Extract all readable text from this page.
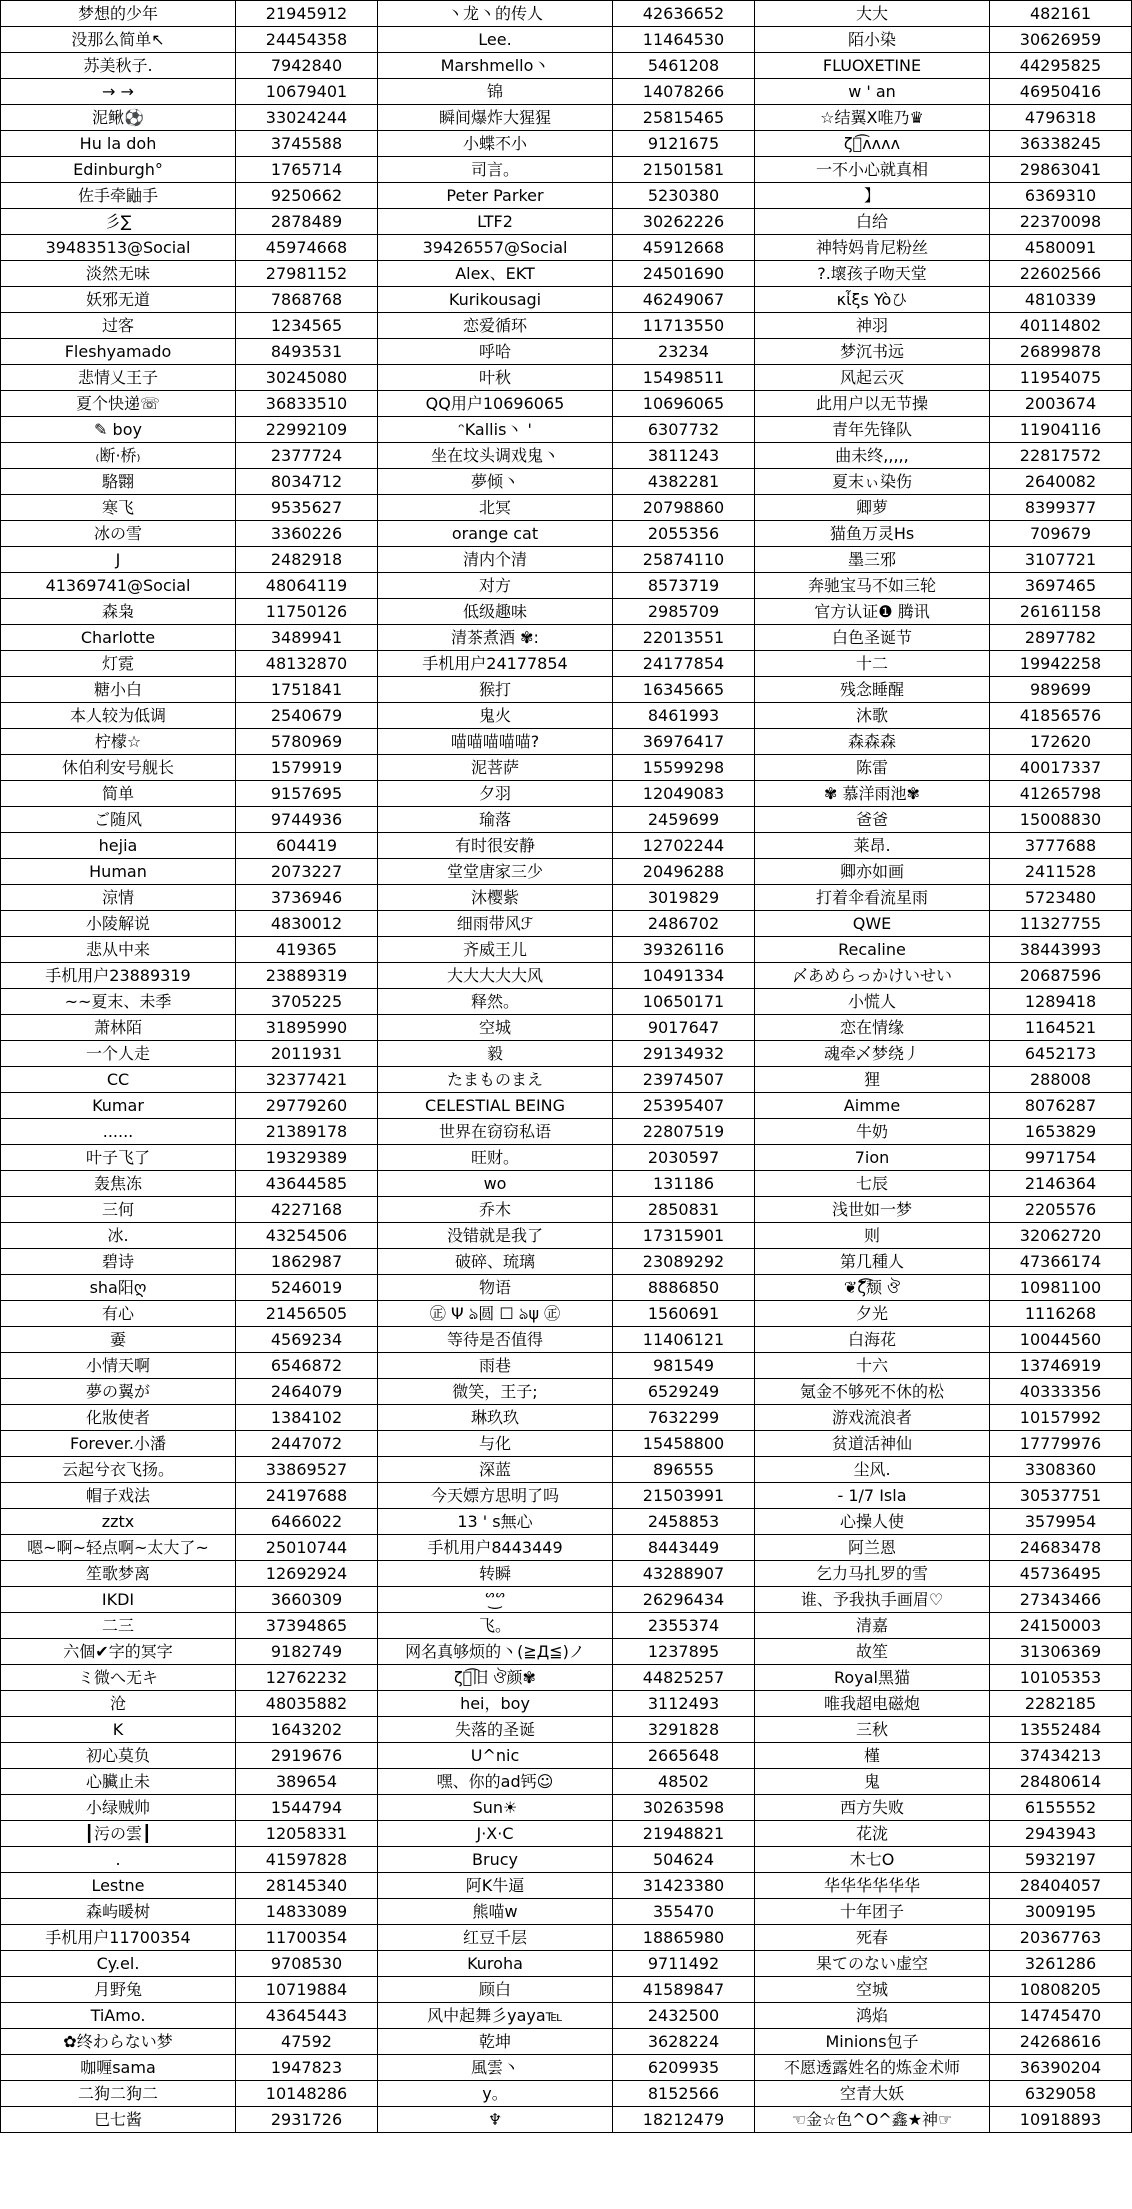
梦想的少年	21945912	丶龙丶的传人	42636652	大大	482161
没那么简单↖	24454358	Lee.	11464530	陌小染	30626959
苏美秋子.	7942840	Marshmello丶	5461208	FLUOXETINE	44295825
→ →	10679401	锦	14078266	w ' an	46950416
泥鳅⚽	33024244	瞬间爆炸大猩猩	25815465	☆结翼X唯乃♛	4796318
Hu la doh	3745588	小蝶不小	9121675	ζั͡ᴧᴧᴧᴧ	36338245
Edinburgh°	1765714	司言。	21501581	一不小心就真相	29863041
佐手牵鼬手	9250662	Peter Parker	5230380	】	6369310
彡∑	2878489	LTF2	30262226	白给	22370098
39483513@Social	45974668	39426557@Social	45912668	神特妈肯尼粉丝	4580091
淡然无味	27981152	Alex、EKT	24501690	?.壞孩子吻天堂	22602566
妖邪无道	7868768	Kurikousagi	46249067	κἶξs Yòひ	4810339
过客	1234565	恋爱循环	11713550	神羽	40114802
Fleshyamado	8493531	呼哈	23234	梦沉书远	26899878
悲情乂王子	30245080	叶秋	15498511	风起云灭	11954075
夏个快递☏	36833510	QQ用户10696065	10696065	此用户以无节操	2003674
✎ boy	22992109	ᵔKallis丶 '	6307732	青年先锋队	11904116
₍断·桥₎	2377724	坐在坟头调戏鬼丶	3811243	曲未终,,,,,	22817572
駱翾	8034712	夢倾丶	4382281	夏末ぃ染伤	2640082
寒飞	9535627	北冥	20798860	卿萝	8399377
冰の雪	3360226	orange cat	2055356	猫鱼万灵Hs	709679
J	2482918	清内个清	25874110	墨三邪	3107721
41369741@Social	48064119	对方	8573719	奔驰宝马不如三轮	3697465
森枭	11750126	低级趣味	2985709	官方认证❶ 腾讯	26161158
Charlotte	3489941	清茶煮酒 ✾:	22013551	白色圣诞节	2897782
灯霓	48132870	手机用户24177854	24177854	十二	19942258
糖小白	1751841	猴打	16345665	残念睡醒	989699
本人较为低调	2540679	鬼火	8461993	沐歌	41856576
柠檬☆	5780969	喵喵喵喵喵?	36976417	森森森	172620
休伯利安号舰长	1579919	泥菩萨	15599298	陈雷	40017337
简单	9157695	夕羽	12049083	✾ 慕洋雨池✾	41265798
ご随风	9744936	瑜落	2459699	爸爸	15008830
hejia	604419	有时很安静	12702244	莱昂.	3777688
Human	2073227	堂堂唐家三少	20496288	卿亦如画	2411528
涼情	3736946	沐樱紫	3019829	打着伞看流星雨	5723480
小陵解说	4830012	细雨带风ℱ	2486702	QWE	11327755
悲从中来	419365	齐威王儿	39326116	Recaline	38443993
手机用户23889319	23889319	大大大大大风	10491334	〆あめらっかけいせい	20687596
~~夏末、未季	3705225	释然。	10650171	小慌人	1289418
萧林陌	31895990	空城	9017647	恋在情缘	1164521
一个人走	2011931	毅	29134932	魂牵乄梦绕丿	6452173
CC	32377421	たまものまえ	23974507	狸	288008
Kumar	29779260	CELESTIAL BEING	25395407	Aimme	8076287
......	21389178	世界在窃窃私语	22807519	牛奶	1653829
叶子飞了	19329389	旺财。	2030597	7ion	9971754
轰焦冻	43644585	wo	131186	七辰	2146364
三何	4227168	乔木	2850831	浅世如一梦	2205576
冰.	43254506	没错就是我了	17315901	则	32062720
碧诗	1862987	破碎、琉璃	23089292	第几種人	47366174
sha阳ღ	5246019	物语	8886850	❦ζ͡ั颓 ঔ	10981100
有心	21456505	㊣ Ψ ঌ圆 ☐ ঌψ ㊣	1560691	夕光	1116268
嫑	4569234	等待是否值得	11406121	白海花	10044560
小情天啊	6546872	雨巷	981549	十六	13746919
夢の翼が	2464079	微笑，王子;	6529249	氪金不够死不休的松	40333356
化妝使者	1384102	琳玖玖	7632299	游戏流浪者	10157992
Forever.小潘	2447072	与化	15458800	贫道活神仙	17779976
云起兮衣飞扬。	33869527	深蓝	896555	尘风.	3308360
帽子戏法	24197688	今天嫖方思明了吗	21503991	- 1/7 Isla	30537751
zztx	6466022	13 ' s無心	2458853	心操人使	3579954
嗯~啊~轻点啊~太大了~	25010744	手机用户8443449	8443449	阿兰恩	24683478
笙歌梦离	12692924	转瞬	43288907	乞力马扎罗的雪	45736495
IKDI	3660309	ᔥ͜ᔥ	26296434	谁、予我执手画眉♡	27343466
二三	37394865	飞。	2355374	清嘉	24150003
六個✔字的冥字	9182749	网名真够烦的丶(≧Д≦)ノ	1237895	故笙	31306369
ミ微へ无キ	12762232	ζั͡旧 ঔ颜✾	44825257	Royal黑猫	10105353
沧	48035882	hei，boy	3112493	唯我超电磁炮	2282185
K	1643202	失落的圣诞	3291828	三秋	13552484
初心莫负	2919676	U^nic	2665648	槿	37434213
心臟止未	389654	嘿、你的ad钙☺	48502	鬼	28480614
小绿贼帅	1544794	Sun☀	30263598	西方失败	6155552
┃污の雲┃	12058331	J·X·C	21948821	花泷	2943943
.	41597828	Brucy	504624	木七O	5932197
Lestne	28145340	阿K牛逼	31423380	华华华华华华	28404057
森屿暖树	14833089	熊喵w	355470	十年团子	3009195
手机用户11700354	11700354	红豆千层	18865980	死春	20367763
Cy.el.	9708530	Kuroha	9711492	果てのない虚空	3261286
月野兔	10719884	顾白	41589847	空城	10808205
TiAmo.	43645443	风中起舞彡yaya℡	2432500	鸿焰	14745470
✿终わらない梦	47592	乾坤	3628224	Minions包子	24268616
咖喱sama	1947823	風雲丶	6209935	不愿透露姓名的炼金术师	36390204
二狗二狗二	10148286	y。	8152566	空青大妖	6329058
巳七酱	2931726	♆	18212479	☜金☆色^O^鑫★神☞	10918893
